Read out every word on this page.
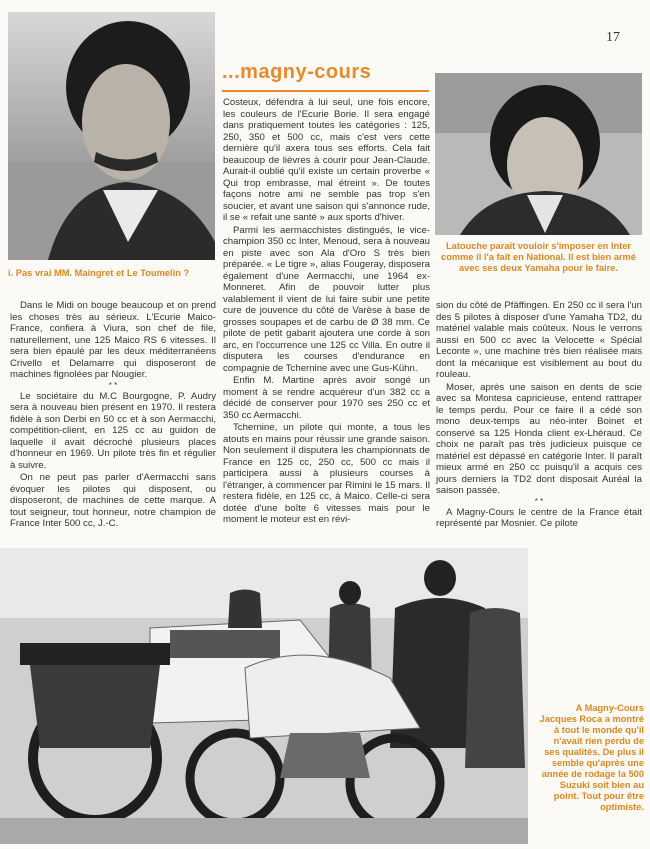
17
...magny-cours
i. Pas vrai MM. Maingret et Le Toumelin ?
Latouche paraît vouloir s'imposer en Inter comme il l'a fait en National. Il est bien armé avec ses deux Yamaha pour le faire.

Dans le Midi on bouge beaucoup et on prend les choses très au sérieux. L'Ecurie Maico-France, confiera à Viura, son chef de file, naturellement, une 125 Maico RS 6 vitesses. Il sera bien épaulé par les deux méditerranéens Crivello et Delamarre qui disposeront de machines fignolées par Nougier.

* *

Le sociétaire du M.C Bourgogne, P. Audry sera à nouveau bien présent en 1970. Il restera fidèle à son Derbi en 50 cc et à son Aermacchi, compétition-client, en 125 cc au guidon de laquelle il avait décroché plusieurs places d'honneur en 1969. Un pilote très fin et régulier à suivre.

On ne peut pas parler d'Aermacchi sans évoquer les pilotes qui disposent, ou disposeront, de machines de cette marque. A tout seigneur, tout honneur, notre champion de France Inter 500 cc, J.-C.

Costeux, défendra à lui seul, une fois encore, les couleurs de l'Ecurie Borie. Il sera engagé dans pratiquement toutes les catégories : 125, 250, 350 et 500 cc, mais c'est vers cette dernière qu'il axera tous ses efforts. Cela fait beaucoup de lièvres à courir pour Jean-Claude. Aurait-il oublié qu'il existe un certain proverbe « Qui trop embrasse, mal étreint ». De toutes façons notre ami ne semble pas trop s'en soucier, et avant une saison qui s'annonce rude, il se « refait une santé » aux sports d'hiver.

Parmi les aermacchistes distingués, le vice-champion 350 cc Inter, Menoud, sera à nouveau en piste avec son Ala d'Oro S très bien préparée. « Le tigre », alias Fougeray, disposera également d'une Aermacchi, une 1964 ex-Monneret. Afin de pouvoir lutter plus valablement il vient de lui faire subir une petite cure de jouvence du côté de Varèse à base de grosses soupapes et de carbu de Ø 38 mm. Ce pilote de petit gabarit ajoutera une corde à son arc, en l'occurrence une 125 cc Villa. En outre il disputera les courses d'endurance en compagnie de Tchernine avec une Gus-Kühn.

Enfin M. Martine après avoir songé un moment à se rendre acquéreur d'un 382 cc a décidé de conserver pour 1970 ses 250 cc et 350 cc Aermacchi.

Tchernine, un pilote qui monte, a tous les atouts en mains pour réussir une grande saison. Non seulement il disputera les championnats de France en 125 cc, 250 cc, 500 cc mais il participera aussi à plusieurs courses à l'étranger, à commencer par Rimini le 15 mars. Il restera fidèle, en 125 cc, à Maico. Celle-ci sera dotée d'une boîte 6 vitesses mais pour le moment le moteur est en révi-

sion du côté de Pfäffingen. En 250 cc il sera l'un des 5 pilotes à disposer d'une Yamaha TD2, du matériel valable mais coûteux. Nous le verrons aussi en 500 cc avec la Velocette « Spécial Leconte », une machine très bien réalisée mais dont la mécanique est visiblement au bout du rouleau.

Moser, après une saison en dents de scie avec sa Montesa capricieuse, entend rattraper le temps perdu. Pour ce faire il a cédé son mono deux-temps au néo-inter Boinet et conservé sa 125 Honda client ex-Lhéraud. Ce choix ne paraît pas très judicieux puisque ce matériel est dépassé en catégorie Inter. Il paraît mieux armé en 250 cc puisqu'il a acquis ces jours derniers la TD2 dont disposait Auréal la saison passée.

* *

A Magny-Cours le centre de la France était représenté par Mosnier. Ce pilote

A Magny-Cours Jacques Roca a montré à tout le monde qu'il n'avait rien perdu de ses qualités. De plus il semble qu'après une année de rodage la 500 Suzuki soit bien au point. Tout pour être optimiste.
